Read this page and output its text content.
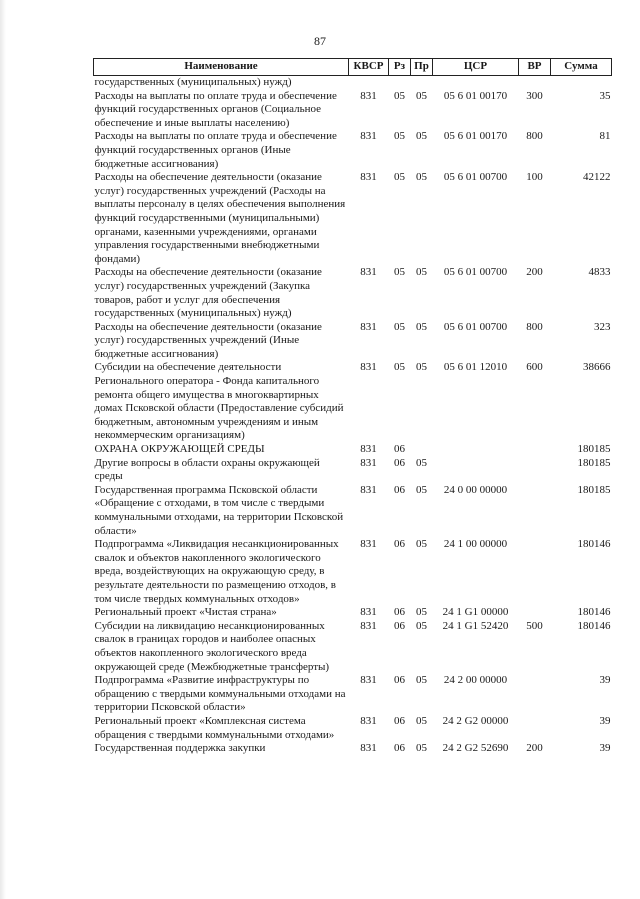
87
Наименование	КВСР	Рз	Пр	ЦСР	ВР	Сумма
государственных (муниципальных) нужд)						
Расходы на выплаты по оплате труда и обеспечение функций государственных органов (Социальное обеспечение и иные выплаты населению)	831	05	05	05 6 01 00170	300	35
Расходы на выплаты по оплате труда и обеспечение функций государственных органов (Иные бюджетные ассигнования)	831	05	05	05 6 01 00170	800	81
Расходы на обеспечение деятельности (оказание услуг) государственных учреждений (Расходы на выплаты персоналу в целях обеспечения выполнения функций государственными (муниципальными) органами, казенными учреждениями, органами управления государственными внебюджетными фондами)	831	05	05	05 6 01 00700	100	42122
Расходы на обеспечение деятельности (оказание услуг) государственных учреждений (Закупка товаров, работ и услуг для обеспечения государственных (муниципальных) нужд)	831	05	05	05 6 01 00700	200	4833
Расходы на обеспечение деятельности (оказание услуг) государственных учреждений (Иные бюджетные ассигнования)	831	05	05	05 6 01 00700	800	323
Субсидии на обеспечение деятельности Регионального оператора - Фонда капитального ремонта общего имущества в многоквартирных домах Псковской области (Предоставление субсидий бюджетным, автономным учреждениям и иным некоммерческим организациям)	831	05	05	05 6 01 12010	600	38666
ОХРАНА ОКРУЖАЮЩЕЙ СРЕДЫ	831	06				180185
Другие вопросы в области охраны окружающей среды	831	06	05			180185
Государственная программа Псковской области «Обращение с отходами, в том числе с твердыми коммунальными отходами, на территории Псковской области»	831	06	05	24 0 00 00000		180185
Подпрограмма «Ликвидация несанкционированных свалок и объектов накопленного экологического вреда, воздействующих на окружающую среду, в результате деятельности по размещению отходов, в том числе твердых коммунальных отходов»	831	06	05	24 1 00 00000		180146
Региональный проект «Чистая страна»	831	06	05	24 1 G1 00000		180146
Субсидии на ликвидацию несанкционированных свалок в границах городов и наиболее опасных объектов накопленного экологического вреда окружающей среде (Межбюджетные трансферты)	831	06	05	24 1 G1 52420	500	180146
Подпрограмма «Развитие инфраструктуры по обращению с твердыми коммунальными отходами на территории Псковской области»	831	06	05	24 2 00 00000		39
Региональный проект «Комплексная система обращения с твердыми коммунальными отходами»	831	06	05	24 2 G2 00000		39
Государственная поддержка закупки	831	06	05	24 2 G2 52690	200	39
